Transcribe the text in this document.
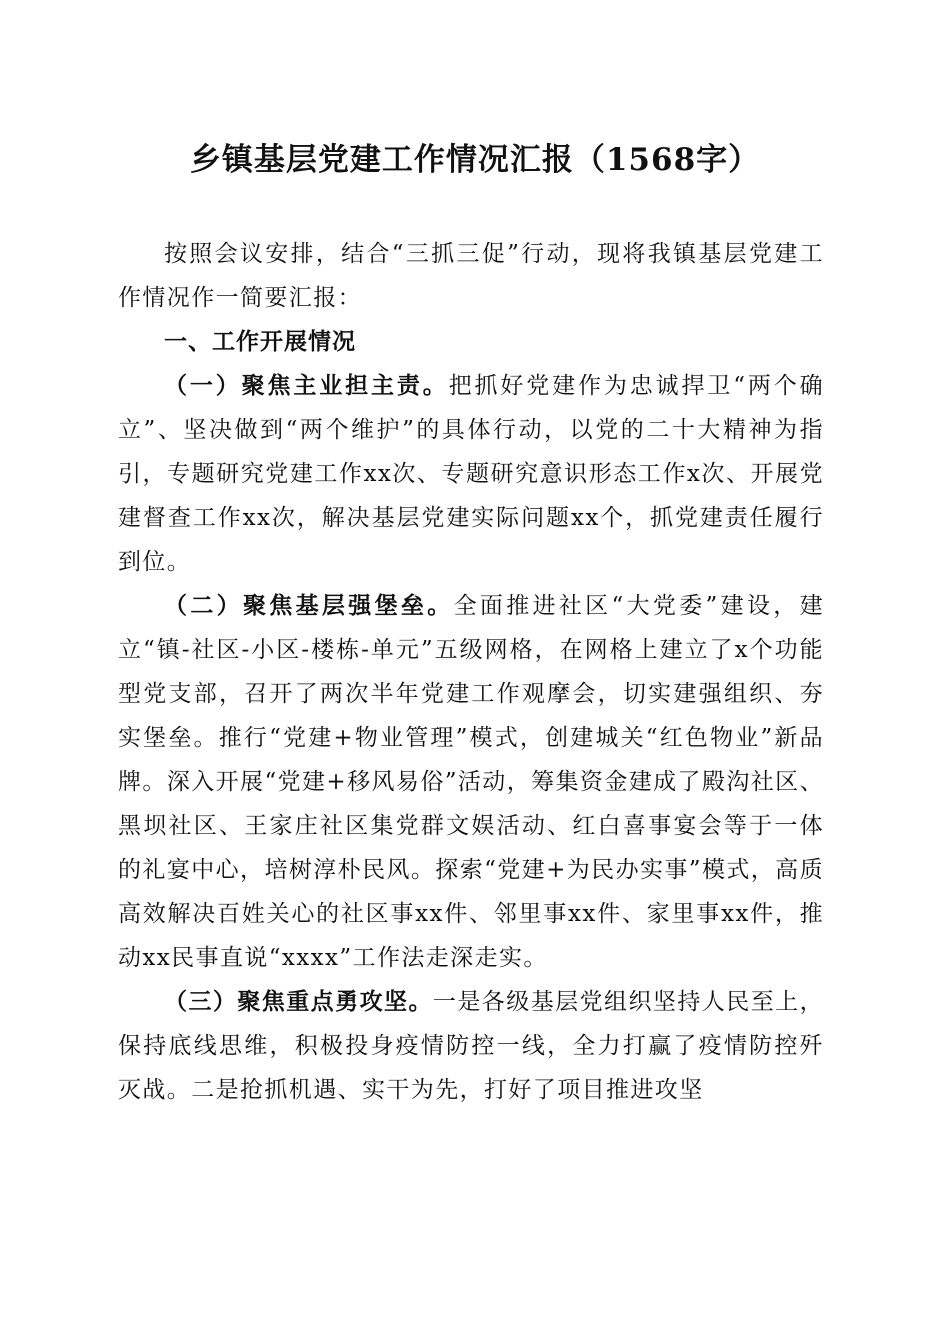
乡镇基层党建工作情况汇报（1568字）

按照会议安排，结合“三抓三促”行动，现将我镇基层党建工作情况作一简要汇报：

一、工作开展情况

（一）聚焦主业担主责。把抓好党建作为忠诚捍卫“两个确立”、坚决做到“两个维护”的具体行动，以党的二十大精神为指引，专题研究党建工作xx次、专题研究意识形态工作x次、开展党建督查工作xx次，解决基层党建实际问题xx个，抓党建责任履行到位。

（二）聚焦基层强堡垒。全面推进社区“大党委”建设，建立“镇-社区-小区-楼栋-单元”五级网格，在网格上建立了x个功能型党支部，召开了两次半年党建工作观摩会，切实建强组织、夯实堡垒。推行“党建+物业管理”模式，创建城关“红色物业”新品牌。深入开展“党建+移风易俗”活动，筹集资金建成了殿沟社区、黑坝社区、王家庄社区集党群文娱活动、红白喜事宴会等于一体的礼宴中心，培树淳朴民风。探索“党建+为民办实事”模式，高质高效解决百姓关心的社区事xx件、邻里事xx件、家里事xx件，推动xx民事直说“xxxx”工作法走深走实。

（三）聚焦重点勇攻坚。一是各级基层党组织坚持人民至上，保持底线思维，积极投身疫情防控一线，全力打赢了疫情防控歼灭战。二是抢抓机遇、实干为先，打好了项目推进攻坚
